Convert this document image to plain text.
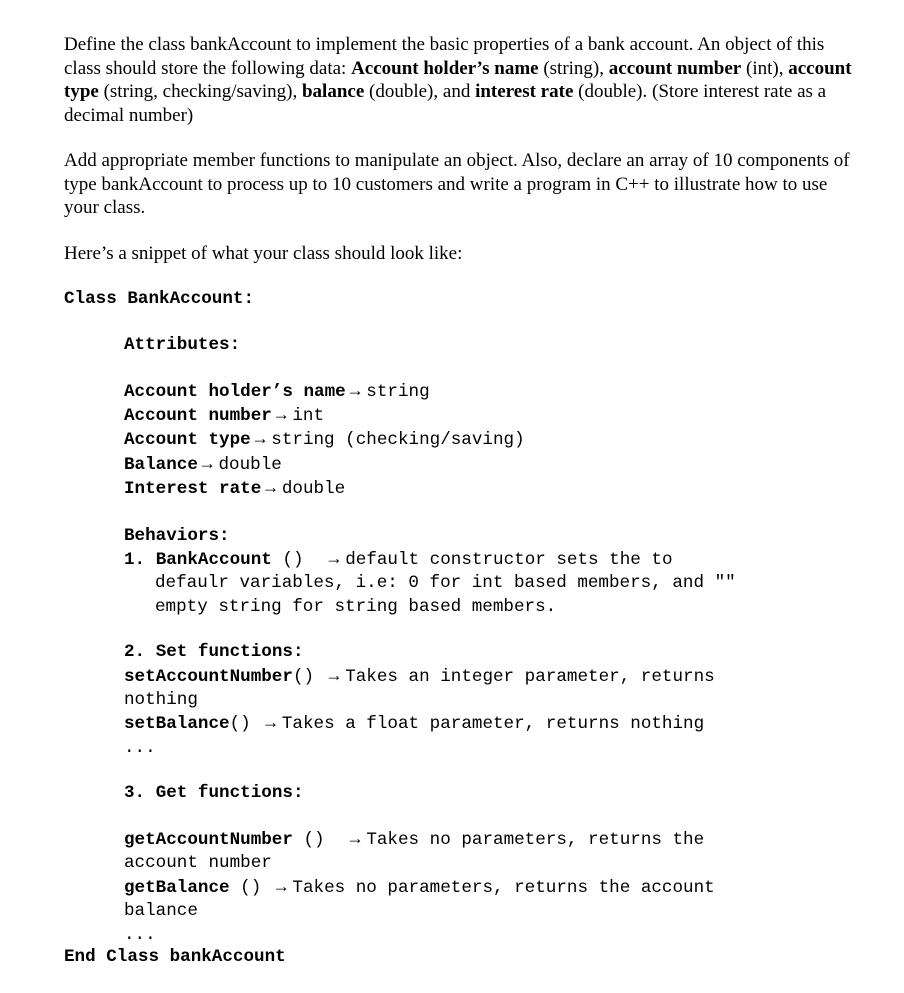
Define the class bankAccount to implement the basic properties of a bank account. An object of this class should store the following data: Account holder’s name (string), account number (int), account type (string, checking/saving), balance (double), and interest rate (double). (Store interest rate as a decimal number)

Add appropriate member functions to manipulate an object. Also, declare an array of 10 components of type bankAccount to process up to 10 customers and write a program in C++ to illustrate how to use your class.

Here’s a snippet of what your class should look like:

Class BankAccount:
Attributes:
Account holder’s name → string
Account number → int
Account type → string (checking/saving)
Balance → double
Interest rate → double
Behaviors:
1. BankAccount () → default constructor sets the to
defaulr variables, i.e: 0 for int based members, and ""
empty string for string based members.
2. Set functions:
setAccountNumber() → Takes an integer parameter, returns
nothing
setBalance() → Takes a float parameter, returns nothing
...
3. Get functions:
getAccountNumber () → Takes no parameters, returns the
account number
getBalance () → Takes no parameters, returns the account
balance
...
End Class bankAccount
